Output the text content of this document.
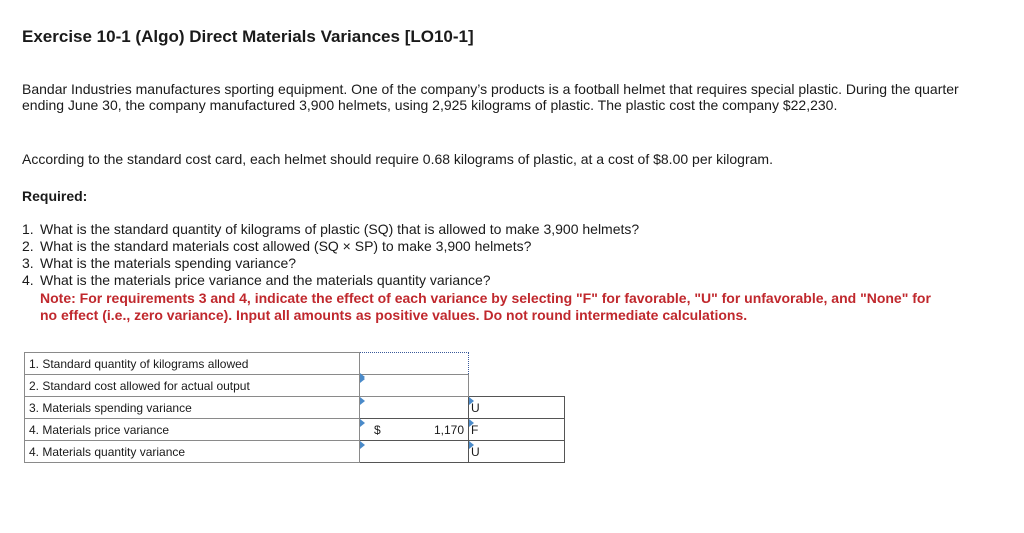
Exercise 10-1 (Algo) Direct Materials Variances [LO10-1]

Bandar Industries manufactures sporting equipment. One of the company’s products is a football helmet that requires special plastic. During the quarter ending June 30, the company manufactured 3,900 helmets, using 2,925 kilograms of plastic. The plastic cost the company $22,230.

According to the standard cost card, each helmet should require 0.68 kilograms of plastic, at a cost of $8.00 per kilogram.

Required:
1. What is the standard quantity of kilograms of plastic (SQ) that is allowed to make 3,900 helmets?
2. What is the standard materials cost allowed (SQ × SP) to make 3,900 helmets?
3. What is the materials spending variance?
4. What is the materials price variance and the materials quantity variance?

Note: For requirements 3 and 4, indicate the effect of each variance by selecting "F" for favorable, "U" for unfavorable, and "None" for no effect (i.e., zero variance). Input all amounts as positive values. Do not round intermediate calculations.

1. Standard quantity of kilograms allowed	

2. Standard cost allowed for actual output	

3. Materials spending variance		U
4. Materials price variance	$ 1,170	F
4. Materials quantity variance		U
